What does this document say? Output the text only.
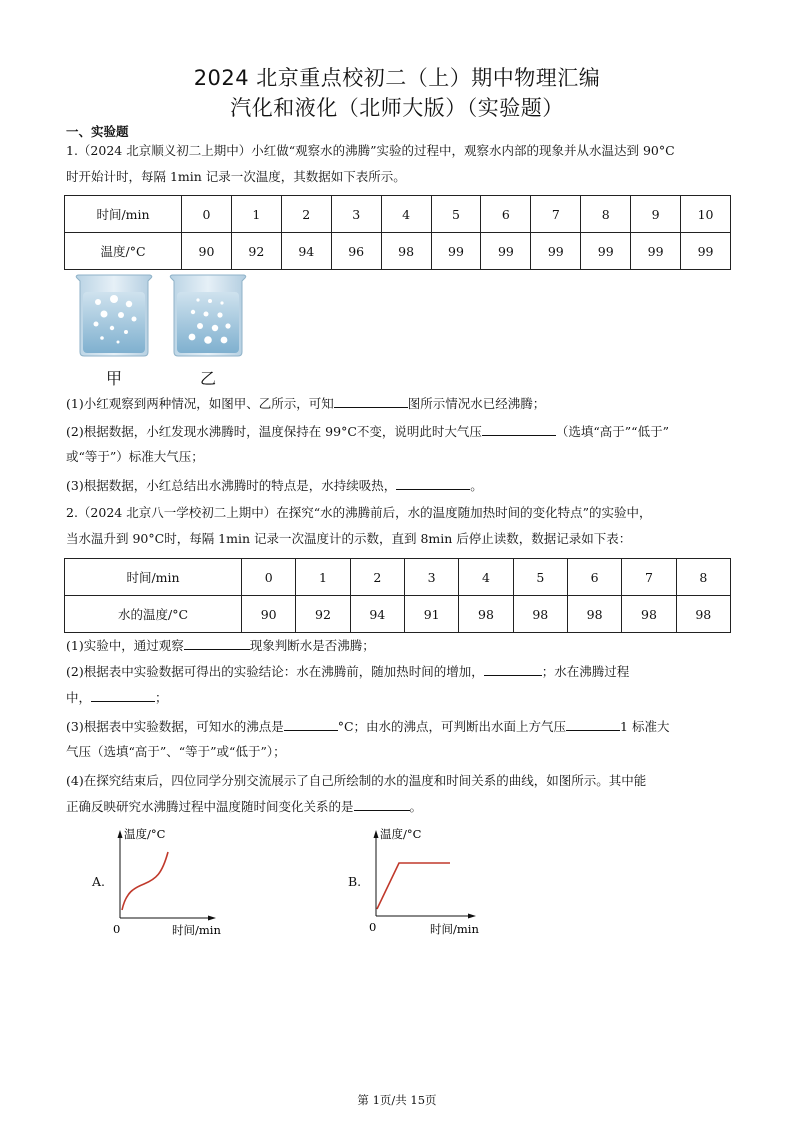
2024 北京重点校初二（上）期中物理汇编
汽化和液化（北师大版）（实验题）
一、实验题
1.（2024 北京顺义初二上期中）小红做“观察水的沸腾”实验的过程中，观察水内部的现象并从水温达到 90°C
时开始计时，每隔 1min 记录一次温度，其数据如下表所示。
时间/min	0	1	2	3	4	5	6	7	8	9	10
温度/°C	90	92	94	96	98	99	99	99	99	99	99
甲	乙
(1)小红观察到两种情况，如图甲、乙所示，可知	图所示情况水已经沸腾；
(2)根据数据，小红发现水沸腾时，温度保持在 99°C不变，说明此时大气压	（选填“高于”“低于”
或“等于”）标准大气压；
(3)根据数据，小红总结出水沸腾时的特点是，水持续吸热，	。
2.（2024 北京八一学校初二上期中）在探究“水的沸腾前后，水的温度随加热时间的变化特点”的实验中，
当水温升到 90°C时，每隔 1min 记录一次温度计的示数，直到 8min 后停止读数，数据记录如下表：
时间/min	0	1	2	3	4	5	6	7	8
水的温度/°C	90	92	94	91	98	98	98	98	98
(1)实验中，通过观察	现象判断水是否沸腾；
(2)根据表中实验数据可得出的实验结论：水在沸腾前，随加热时间的增加，	；水在沸腾过程
中，	；
(3)根据表中实验数据，可知水的沸点是	°C；由水的沸点，可判断出水面上方气压	1 标准大
气压（选填“高于”、“等于”或“低于”）；
(4)在探究结束后，四位同学分别交流展示了自己所绘制的水的温度和时间关系的曲线，如图所示。其中能
正确反映研究水沸腾过程中温度随时间变化关系的是	。
A.
温度/°C
0	时间/min
B.
温度/°C
0	时间/min
第 1页/共 15页
